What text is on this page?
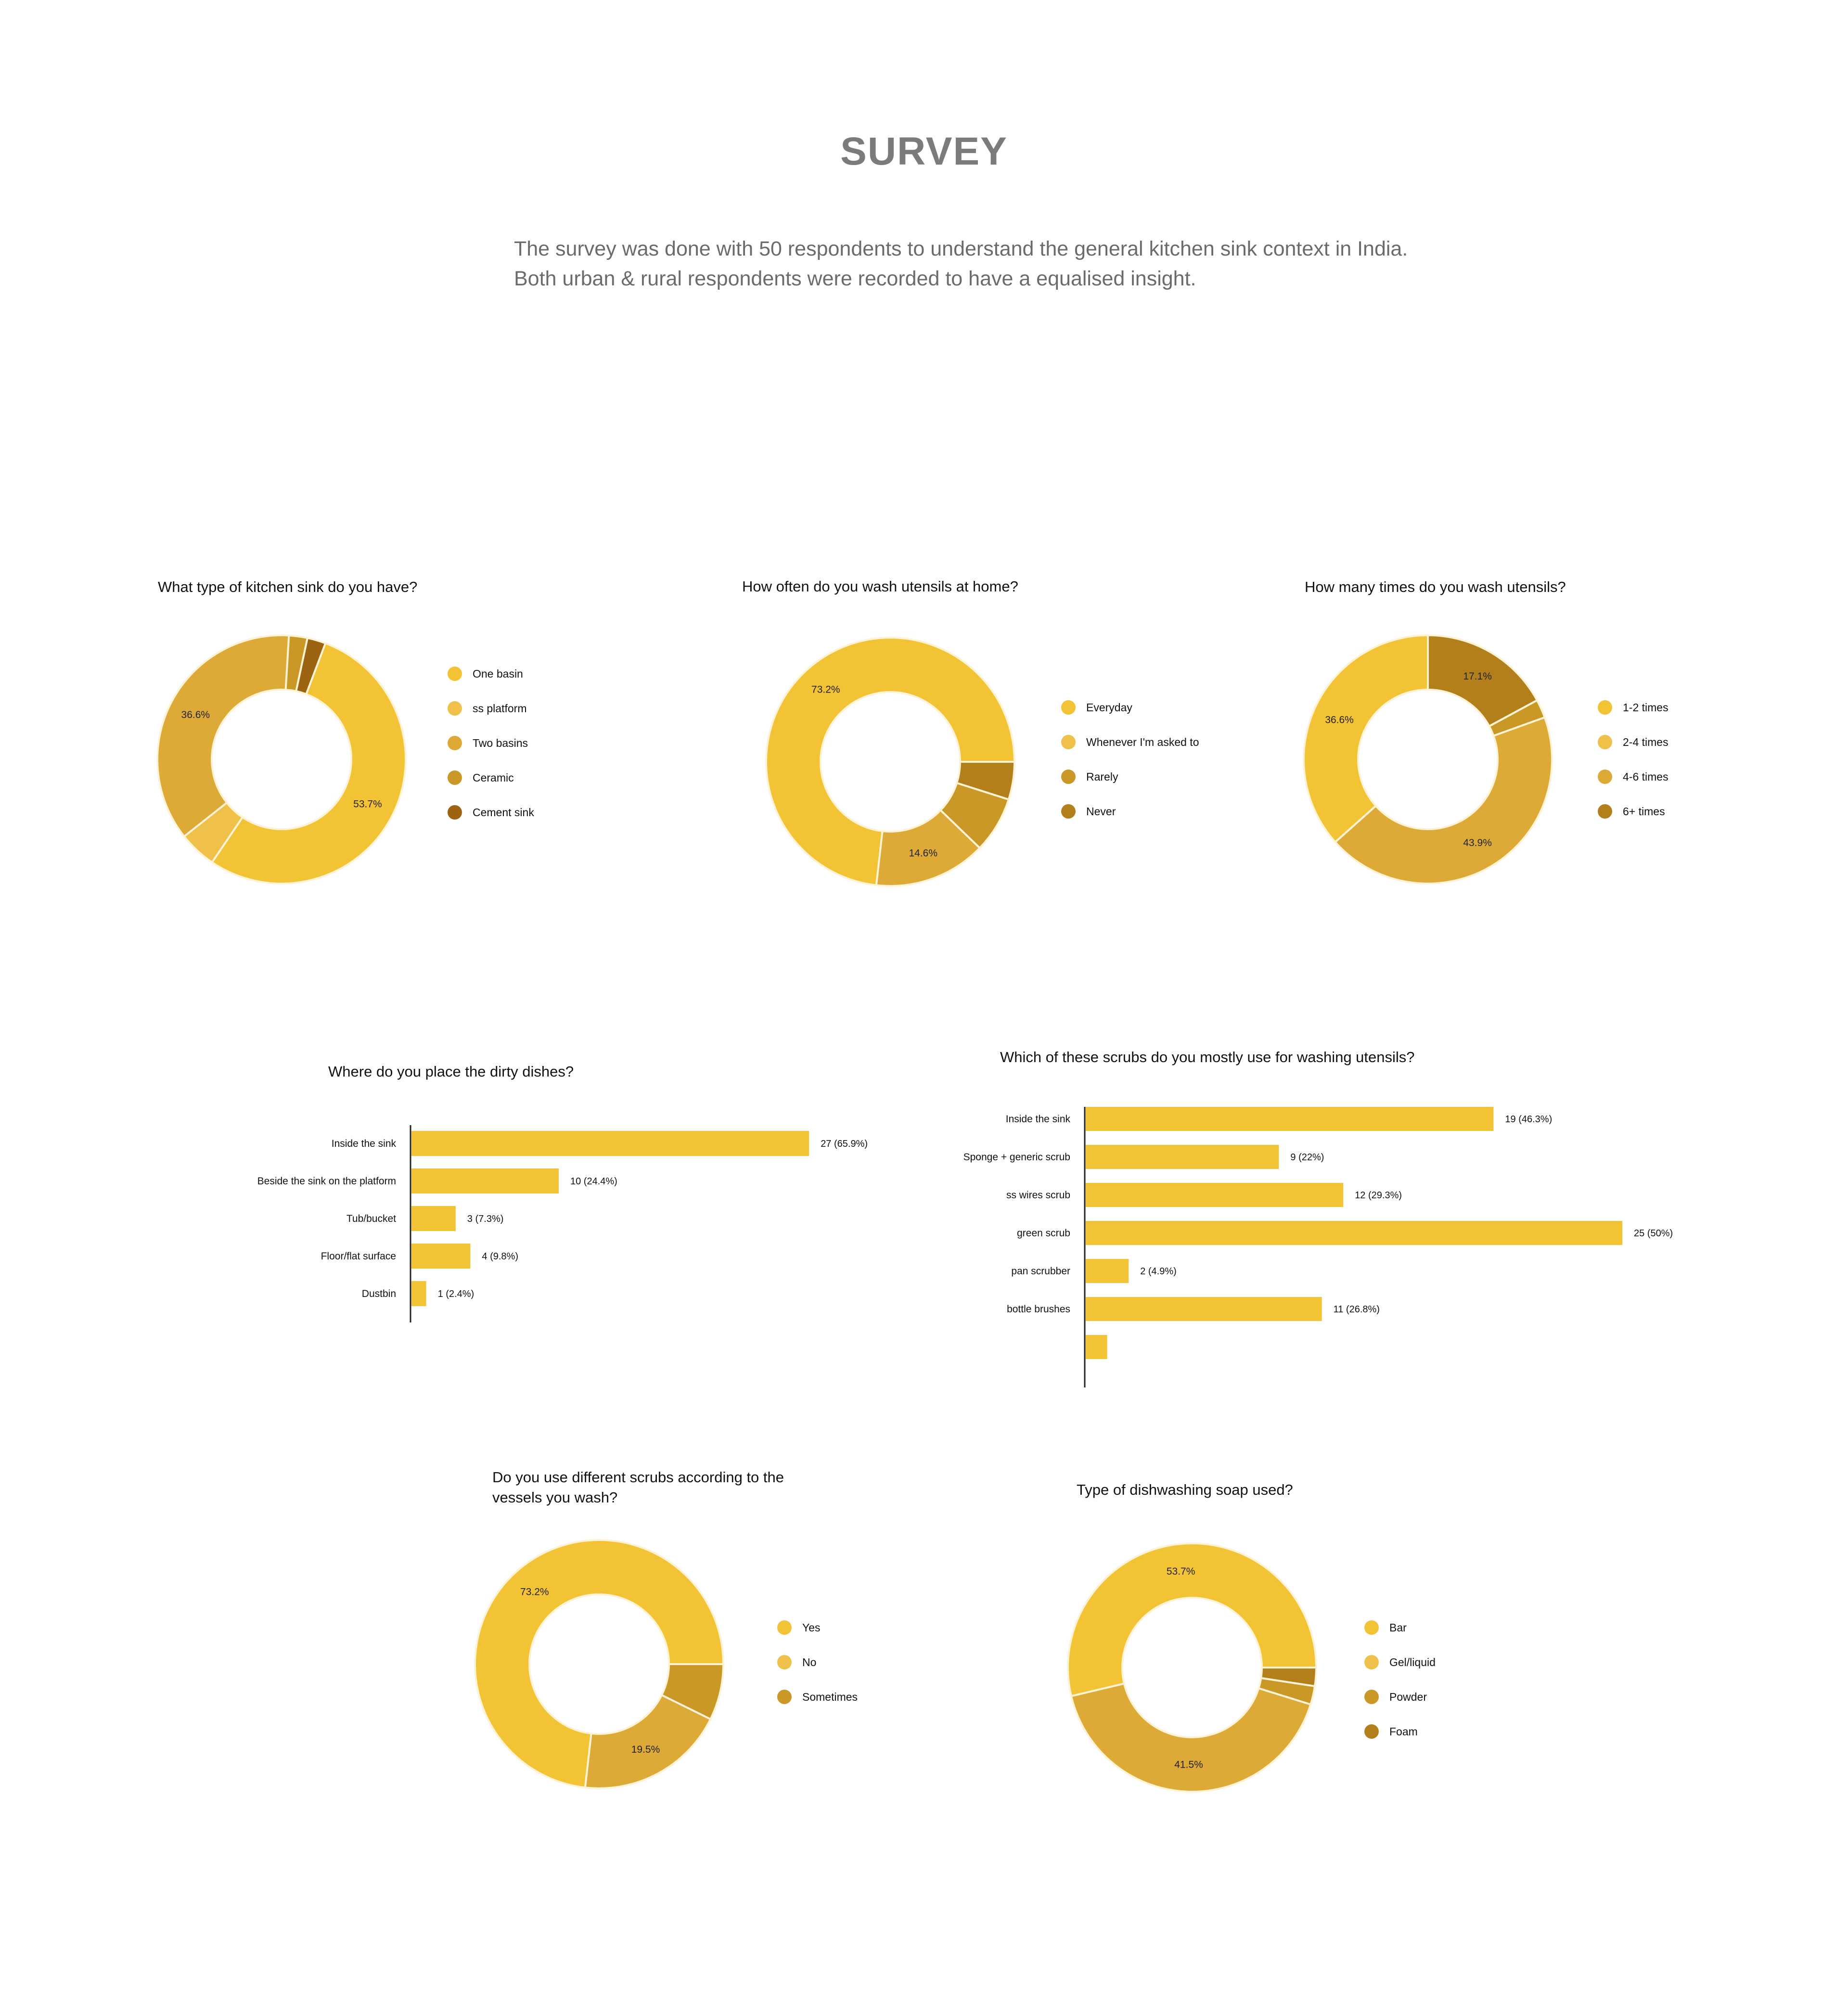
SURVEY
The survey was done with 50 respondents to understand the general kitchen sink context in India.
Both urban & rural respondents were recorded to have a equalised insight.
What type of kitchen sink do you have?
53.7%
36.6%
One basin
ss platform
Two basins
Ceramic
Cement sink
How often do you wash utensils at home?
73.2%
14.6%
Everyday
Whenever I'm asked to
Rarely
Never
How many times do you wash utensils?
36.6%
43.9%
17.1%
1-2 times
2-4 times
4-6 times
6+ times
Where do you place the dirty dishes?
Inside the sink	27 (65.9%)
Beside the sink on the platform	10 (24.4%)
Tub/bucket	3 (7.3%)
Floor/flat surface	4 (9.8%)
Dustbin	1 (2.4%)
Which of these scrubs do you mostly use for washing utensils?
Inside the sink	19 (46.3%)
Sponge + generic scrub	9 (22%)
ss wires scrub	12 (29.3%)
green scrub	25 (50%)
pan scrubber	2 (4.9%)
bottle brushes	11 (26.8%)
Do you use different scrubs according to the
vessels you wash?
73.2%
19.5%
Yes
No
Sometimes
Type of dishwashing soap used?
53.7%
41.5%
Bar
Gel/liquid
Powder
Foam
